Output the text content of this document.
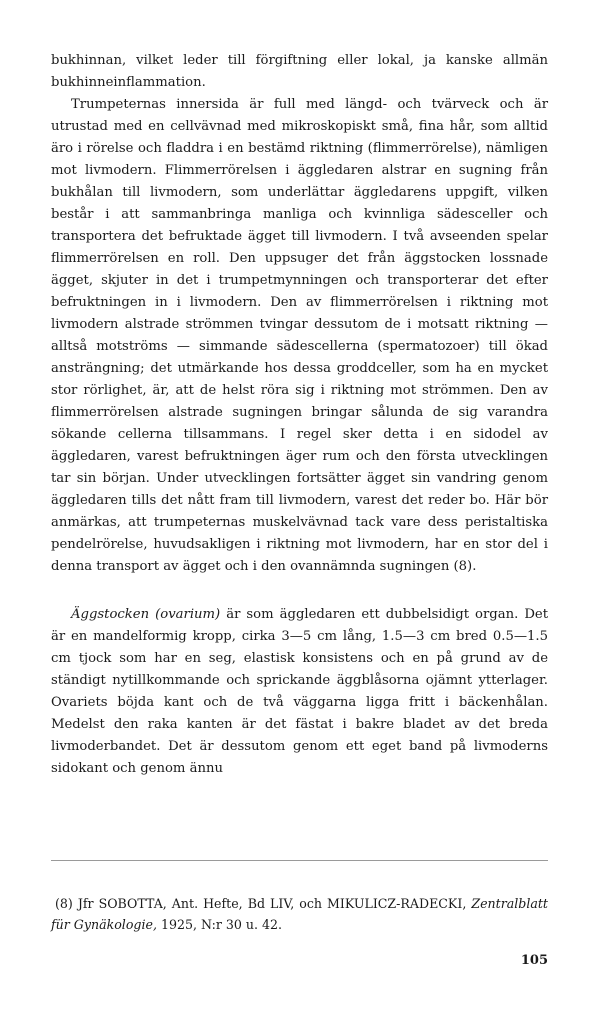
bukhinnan, vilket leder till förgiftning eller lokal, ja kanske allmän bukhinneinflammation.

Trumpeternas innersida är full med längd- och tvärveck och är utrustad med en cellvävnad med mikroskopiskt små, fina hår, som alltid äro i rörelse och fladdra i en bestämd riktning (flimmerrörelse), nämligen mot livmodern. Flimmerrörelsen i äggledaren alstrar en sugning från bukhålan till livmodern, som underlättar äggledarens uppgift, vilken består i att sammanbringa manliga och kvinnliga sädesceller och transportera det befruktade ägget till livmodern. I två avseenden spelar flimmerrörelsen en roll. Den uppsuger det från äggstocken lossnade ägget, skjuter in det i trumpetmynningen och transporterar det efter befruktningen in i livmodern. Den av flimmerrörelsen i riktning mot livmodern alstrade strömmen tvingar dessutom de i motsatt riktning — alltså motströms — simmande sädescellerna (spermatozoer) till ökad ansträngning; det utmärkande hos dessa groddceller, som ha en mycket stor rörlighet, är, att de helst röra sig i riktning mot strömmen. Den av flimmerrörelsen alstrade sugningen bringar sålunda de sig varandra sökande cellerna tillsammans. I regel sker detta i en sidodel av äggledaren, varest befruktningen äger rum och den första utvecklingen tar sin början. Under utvecklingen fortsätter ägget sin vandring genom äggledaren tills det nått fram till livmodern, varest det reder bo. Här bör anmärkas, att trumpeternas muskelvävnad tack vare dess peristaltiska pendelrörelse, huvudsakligen i riktning mot livmodern, har en stor del i denna transport av ägget och i den ovannämnda sugningen (8).

Äggstocken (ovarium) är som äggledaren ett dubbelsidigt organ. Det är en mandelformig kropp, cirka 3—5 cm lång, 1.5—3 cm bred 0.5—1.5 cm tjock som har en seg, elastisk konsistens och en på grund av de ständigt nytillkommande och sprickande äggblåsorna ojämnt ytterlager. Ovariets böjda kant och de två väggarna ligga fritt i bäckenhålan. Medelst den raka kanten är det fästat i bakre bladet av det breda livmoderbandet. Det är dessutom genom ett eget band på livmoderns sidokant och genom ännu

(8) Jfr SOBOTTA, Ant. Hefte, Bd LIV, och MIKULICZ-RADECKI, Zentralblatt für Gynäkologie, 1925, N:r 30 u. 42.

105
